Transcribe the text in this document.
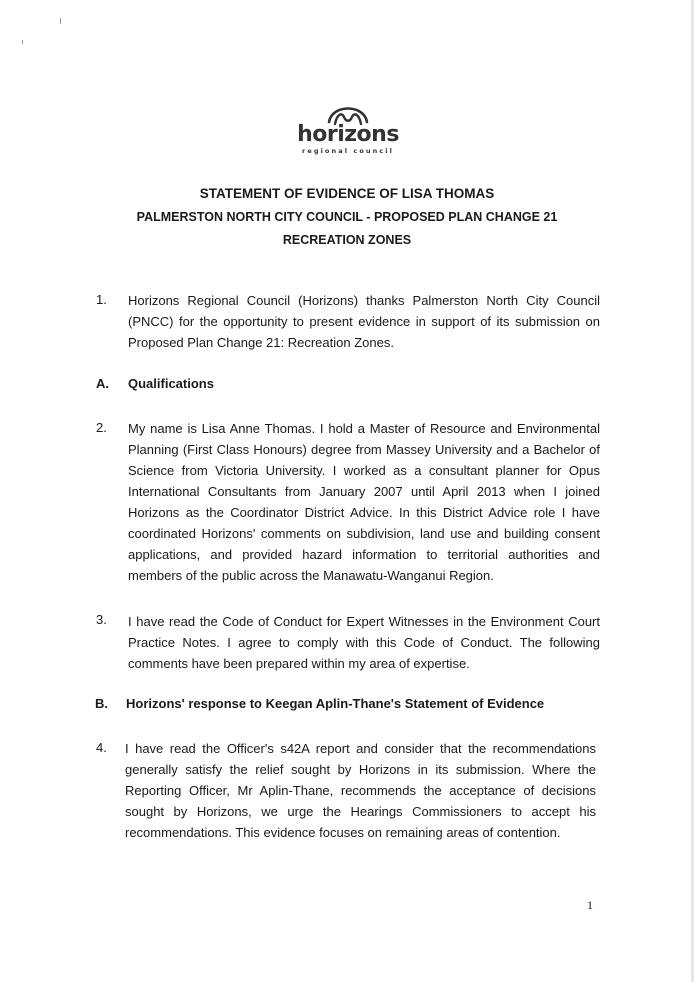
horizons
regional council
STATEMENT OF EVIDENCE OF LISA THOMAS
PALMERSTON NORTH CITY COUNCIL - PROPOSED PLAN CHANGE 21
RECREATION ZONES
1. Horizons Regional Council (Horizons) thanks Palmerston North City Council (PNCC) for the opportunity to present evidence in support of its submission on Proposed Plan Change 21: Recreation Zones.
A. Qualifications
2. My name is Lisa Anne Thomas. I hold a Master of Resource and Environmental Planning (First Class Honours) degree from Massey University and a Bachelor of Science from Victoria University. I worked as a consultant planner for Opus International Consultants from January 2007 until April 2013 when I joined Horizons as the Coordinator District Advice. In this District Advice role I have coordinated Horizons' comments on subdivision, land use and building consent applications, and provided hazard information to territorial authorities and members of the public across the Manawatu-Wanganui Region.
3. I have read the Code of Conduct for Expert Witnesses in the Environment Court Practice Notes. I agree to comply with this Code of Conduct. The following comments have been prepared within my area of expertise.
B. Horizons' response to Keegan Aplin-Thane's Statement of Evidence
4. I have read the Officer's s42A report and consider that the recommendations generally satisfy the relief sought by Horizons in its submission. Where the Reporting Officer, Mr Aplin-Thane, recommends the acceptance of decisions sought by Horizons, we urge the Hearings Commissioners to accept his recommendations. This evidence focuses on remaining areas of contention.
1
